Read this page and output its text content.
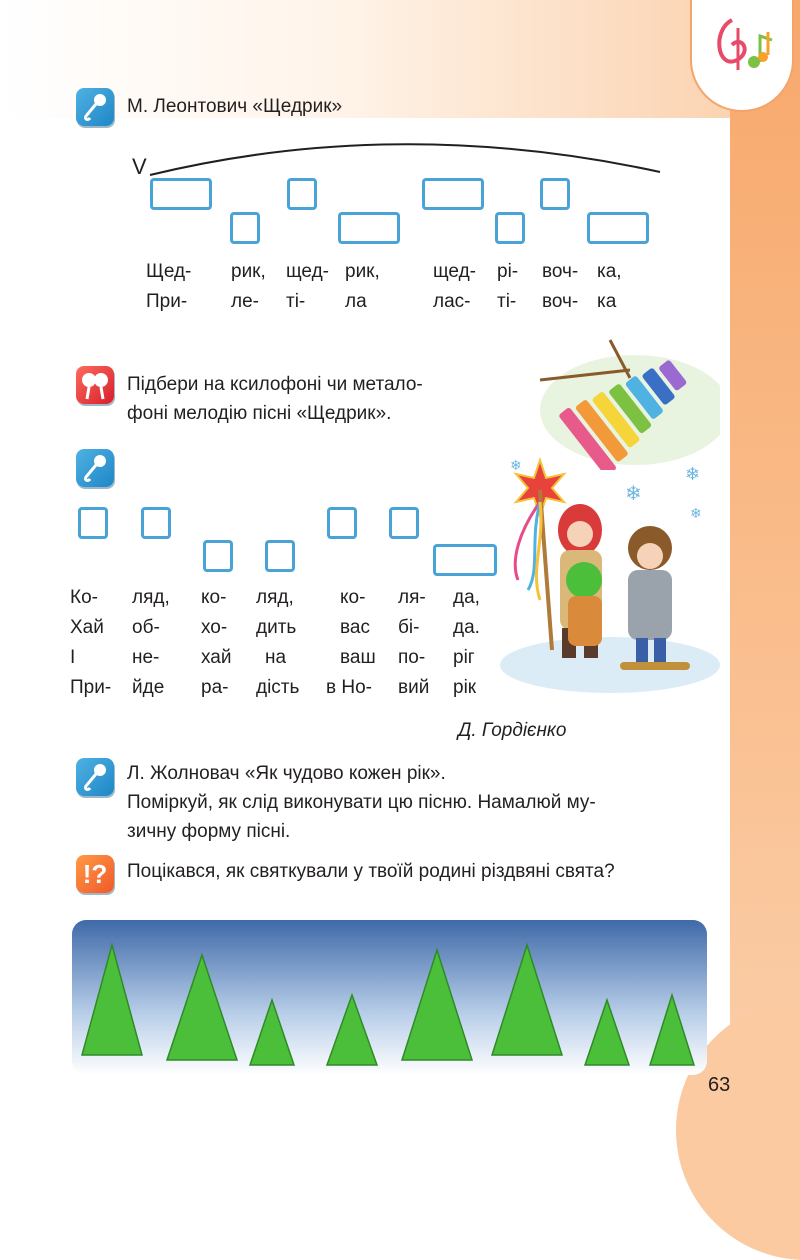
63
М. Леонтович «Щедрик»
V
Щед- рик, щед- рик,	щед- рі- воч- ка,
При- ле- ті- ла	лас- ті- воч- ка
Підбери на ксилофоні чи метало-
фоні мелодію пісні «Щедрик».
Ко- ляд, ко- ляд, ко- ля- да,
Хай об- хо- дить вас бі- да.
І	не- хай на	ваш по- ріг
При- йде ра- дість в Но- вий рік
Д. Гордієнко
❄	❄
❄
❄
Л. Жолновач «Як чудово кожен рік».
Поміркуй, як слід виконувати цю пісню. Намалюй му-
зичну форму пісні.
!?	Поцікався, як святкували у твоїй родині різдвяні свята?
